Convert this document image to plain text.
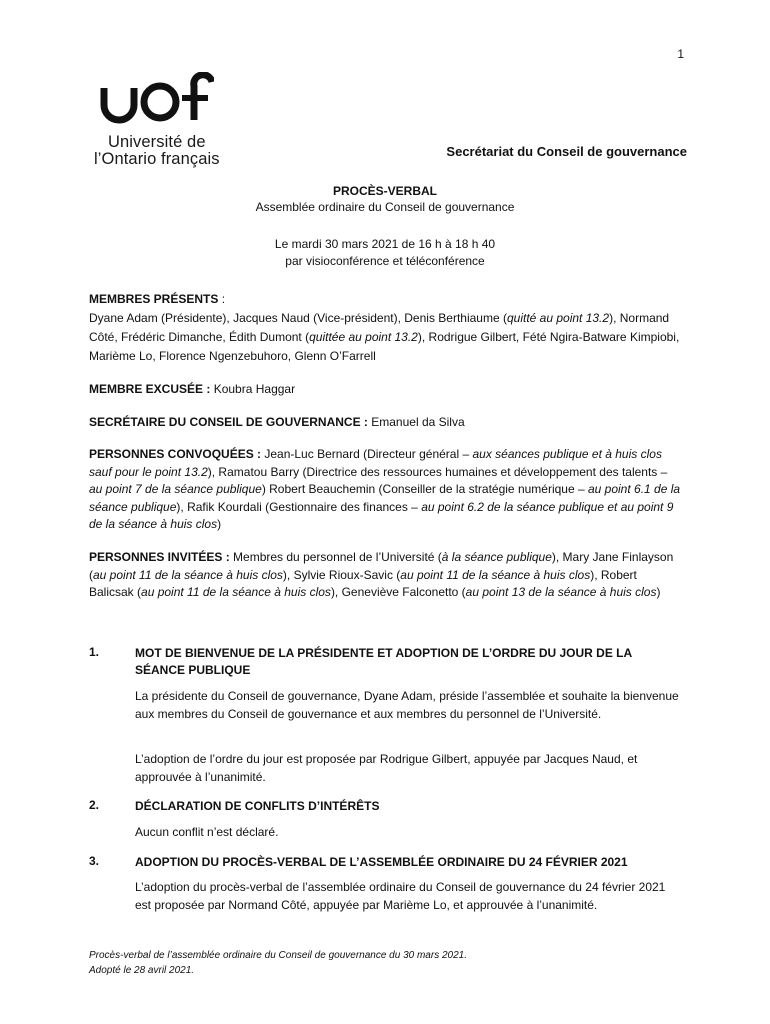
1
Université de
l’Ontario français	Secrétariat du Conseil de gouvernance
PROCÈS-VERBAL
Assemblée ordinaire du Conseil de gouvernance
Le mardi 30 mars 2021 de 16 h à 18 h 40
par visioconférence et téléconférence
MEMBRES PRÉSENTS :
Dyane Adam (Présidente), Jacques Naud (Vice-président), Denis Berthiaume (quitté au point 13.2), Normand Côté, Frédéric Dimanche, Édith Dumont (quittée au point 13.2), Rodrigue Gilbert, Fété Ngira-Batware Kimpiobi, Marième Lo, Florence Ngenzebuhoro, Glenn O’Farrell
MEMBRE EXCUSÉE : Koubra Haggar
SECRÉTAIRE DU CONSEIL DE GOUVERNANCE : Emanuel da Silva
PERSONNES CONVOQUÉES : Jean-Luc Bernard (Directeur général – aux séances publique et à huis clos sauf pour le point 13.2), Ramatou Barry (Directrice des ressources humaines et développement des talents – au point 7 de la séance publique) Robert Beauchemin (Conseiller de la stratégie numérique – au point 6.1 de la séance publique), Rafik Kourdali (Gestionnaire des finances – au point 6.2 de la séance publique et au point 9 de la séance à huis clos)
PERSONNES INVITÉES : Membres du personnel de l’Université (à la séance publique), Mary Jane Finlayson (au point 11 de la séance à huis clos), Sylvie Rioux-Savic (au point 11 de la séance à huis clos), Robert Balicsak (au point 11 de la séance à huis clos), Geneviève Falconetto (au point 13 de la séance à huis clos)
1.	MOT DE BIENVENUE DE LA PRÉSIDENTE ET ADOPTION DE L’ORDRE DU JOUR DE LA SÉANCE PUBLIQUE
La présidente du Conseil de gouvernance, Dyane Adam, préside l’assemblée et souhaite la bienvenue aux membres du Conseil de gouvernance et aux membres du personnel de l’Université.
L’adoption de l’ordre du jour est proposée par Rodrigue Gilbert, appuyée par Jacques Naud, et approuvée à l’unanimité.
2.	DÉCLARATION DE CONFLITS D’INTÉRÊTS
Aucun conflit n’est déclaré.
3.	ADOPTION DU PROCÈS-VERBAL DE L’ASSEMBLÉE ORDINAIRE DU 24 FÉVRIER 2021
L’adoption du procès-verbal de l’assemblée ordinaire du Conseil de gouvernance du 24 février 2021 est proposée par Normand Côté, appuyée par Marième Lo, et approuvée à l’unanimité.
Procès-verbal de l’assemblée ordinaire du Conseil de gouvernance du 30 mars 2021.
Adopté le 28 avril 2021.
